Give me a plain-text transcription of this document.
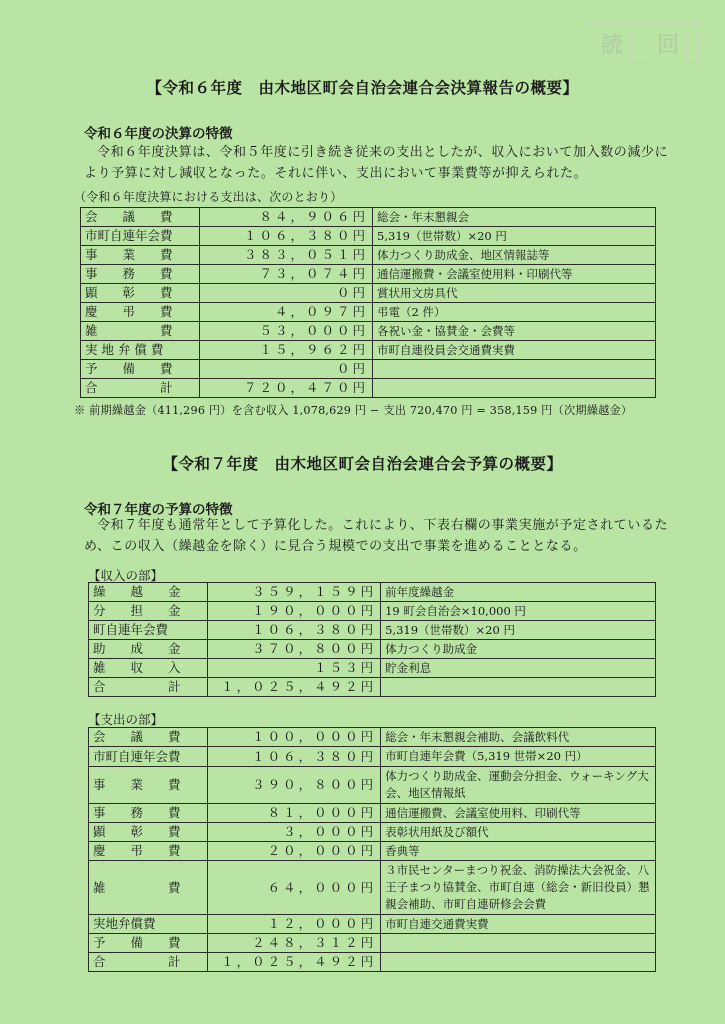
読 回
【令和６年度　由木地区町会自治会連合会決算報告の概要】
令和６年度の決算の特徴
令和６年度決算は、令和５年度に引き続き従来の支出としたが、収入において加入数の減少により予算に対し減収となった。それに伴い、支出において事業費等が抑えられた。
（令和６年度決算における支出は、次のとおり）
会　　議　　費	８４，９０６円	総会・年末懇親会
市町自連年会費	１０６，３８０円	5,319（世帯数）×20 円
事　　業　　費	３８３，０５１円	体力つくり助成金、地区情報誌等
事　　務　　費	７３，０７４円	通信運搬費・会議室使用料・印刷代等
顕　　彰　　費	０円	賞状用文房具代
慶　　弔　　費	４，０９７円	弔電（2 件）
雑　　　　　費	５３，０００円	各祝い金・協賛金・会費等
実 地 弁 償 費	１５，９６２円	市町自連役員会交通費実費
予　　備　　費	０円	
合　　　　　計	７２０，４７０円	
※ 前期繰越金（411,296 円）を含む収入 1,078,629 円 − 支出 720,470 円 = 358,159 円（次期繰越金）
【令和７年度　由木地区町会自治会連合会予算の概要】
令和７年度の予算の特徴
令和７年度も通常年として予算化した。これにより、下表右欄の事業実施が予定されているため、この収入（繰越金を除く）に見合う規模での支出で事業を進めることとなる。
【収入の部】
繰　　越　　金	３５９，１５９円	前年度繰越金
分　　担　　金	１９０，０００円	19 町会自治会×10,000 円
町自連年会費	１０６，３８０円	5,319（世帯数）×20 円
助　　成　　金	３７０，８００円	体力つくり助成金
雑　　収　　入	１５３円	貯金利息
合　　　　　計	１，０２５，４９２円	
【支出の部】
会　　議　　費	１００，０００円	総会・年末懇親会補助、会議飲料代
市町自連年会費	１０６，３８０円	市町自連年会費（5,319 世帯×20 円）
事　　業　　費	３９０，８００円	体力つくり助成金、運動会分担金、ウォーキング大会、地区情報紙
事　　務　　費	８１，０００円	通信運搬費、会議室使用料、印刷代等
顕　　彰　　費	３，０００円	表彰状用紙及び額代
慶　　弔　　費	２０，０００円	香典等
雑　　　　　費	６４，０００円	３市民センターまつり祝金、消防操法大会祝金、八王子まつり協賛金、市町自連（総会・新旧役員）懇親会補助、市町自連研修会会費
実地弁償費	１２，０００円	市町自連交通費実費
予　　備　　費	２４８，３１２円	
合　　　　　計	１，０２５，４９２円	
